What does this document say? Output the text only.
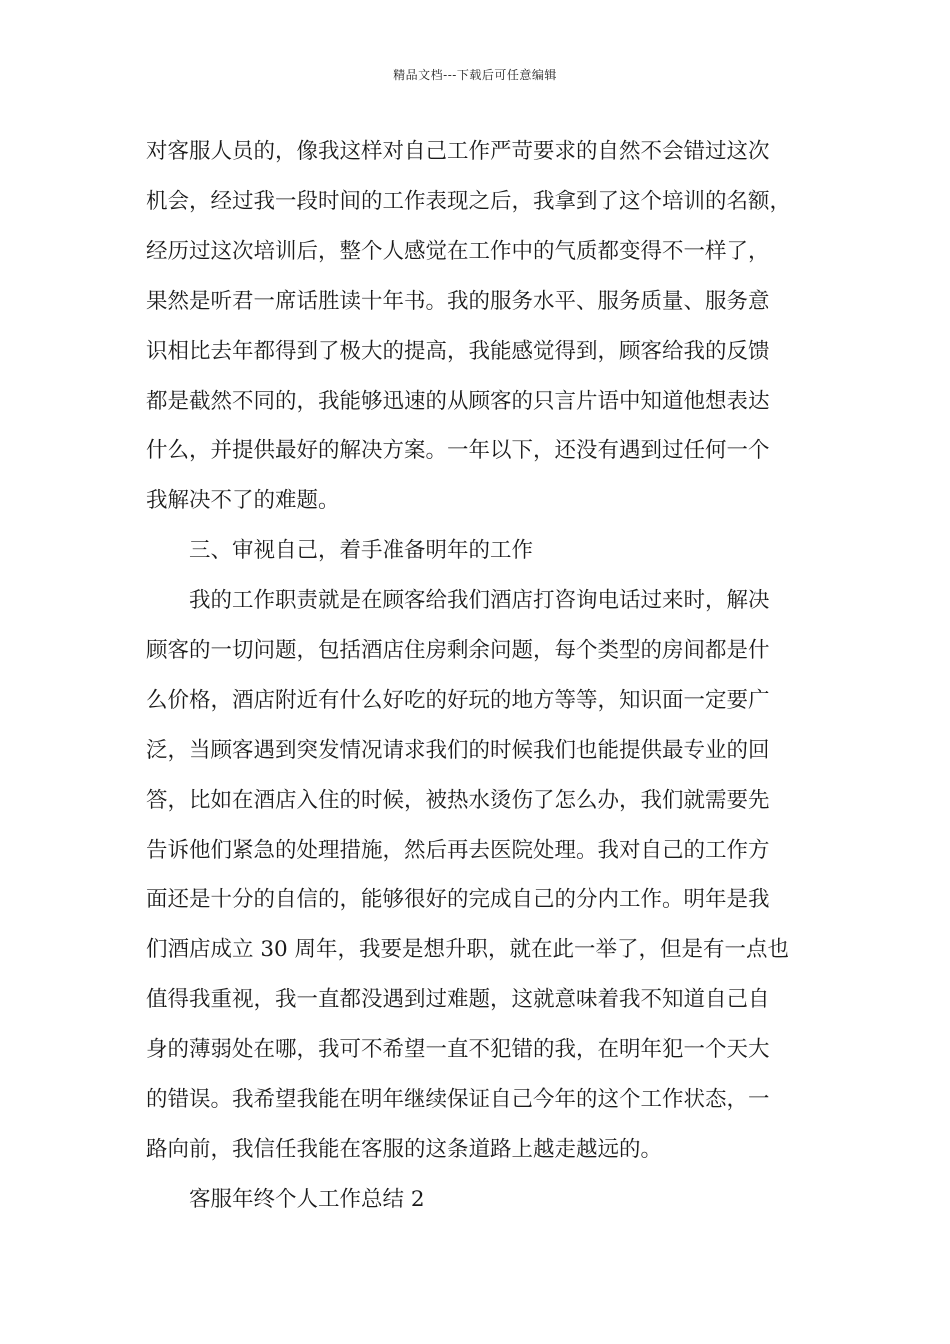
精品文档---下载后可任意编辑
对客服人员的，像我这样对自己工作严苛要求的自然不会错过这次
机会，经过我一段时间的工作表现之后，我拿到了这个培训的名额，
经历过这次培训后，整个人感觉在工作中的气质都变得不一样了，
果然是听君一席话胜读十年书。我的服务水平、服务质量、服务意
识相比去年都得到了极大的提高，我能感觉得到，顾客给我的反馈
都是截然不同的，我能够迅速的从顾客的只言片语中知道他想表达
什么，并提供最好的解决方案。一年以下，还没有遇到过任何一个
我解决不了的难题。
三、审视自己，着手准备明年的工作
我的工作职责就是在顾客给我们酒店打咨询电话过来时，解决
顾客的一切问题，包括酒店住房剩余问题，每个类型的房间都是什
么价格，酒店附近有什么好吃的好玩的地方等等，知识面一定要广
泛，当顾客遇到突发情况请求我们的时候我们也能提供最专业的回
答，比如在酒店入住的时候，被热水烫伤了怎么办，我们就需要先
告诉他们紧急的处理措施，然后再去医院处理。我对自己的工作方
面还是十分的自信的，能够很好的完成自己的分内工作。明年是我
们酒店成立 30 周年，我要是想升职，就在此一举了，但是有一点也
值得我重视，我一直都没遇到过难题，这就意味着我不知道自己自
身的薄弱处在哪，我可不希望一直不犯错的我，在明年犯一个天大
的错误。我希望我能在明年继续保证自己今年的这个工作状态，一
路向前，我信任我能在客服的这条道路上越走越远的。
客服年终个人工作总结 2
